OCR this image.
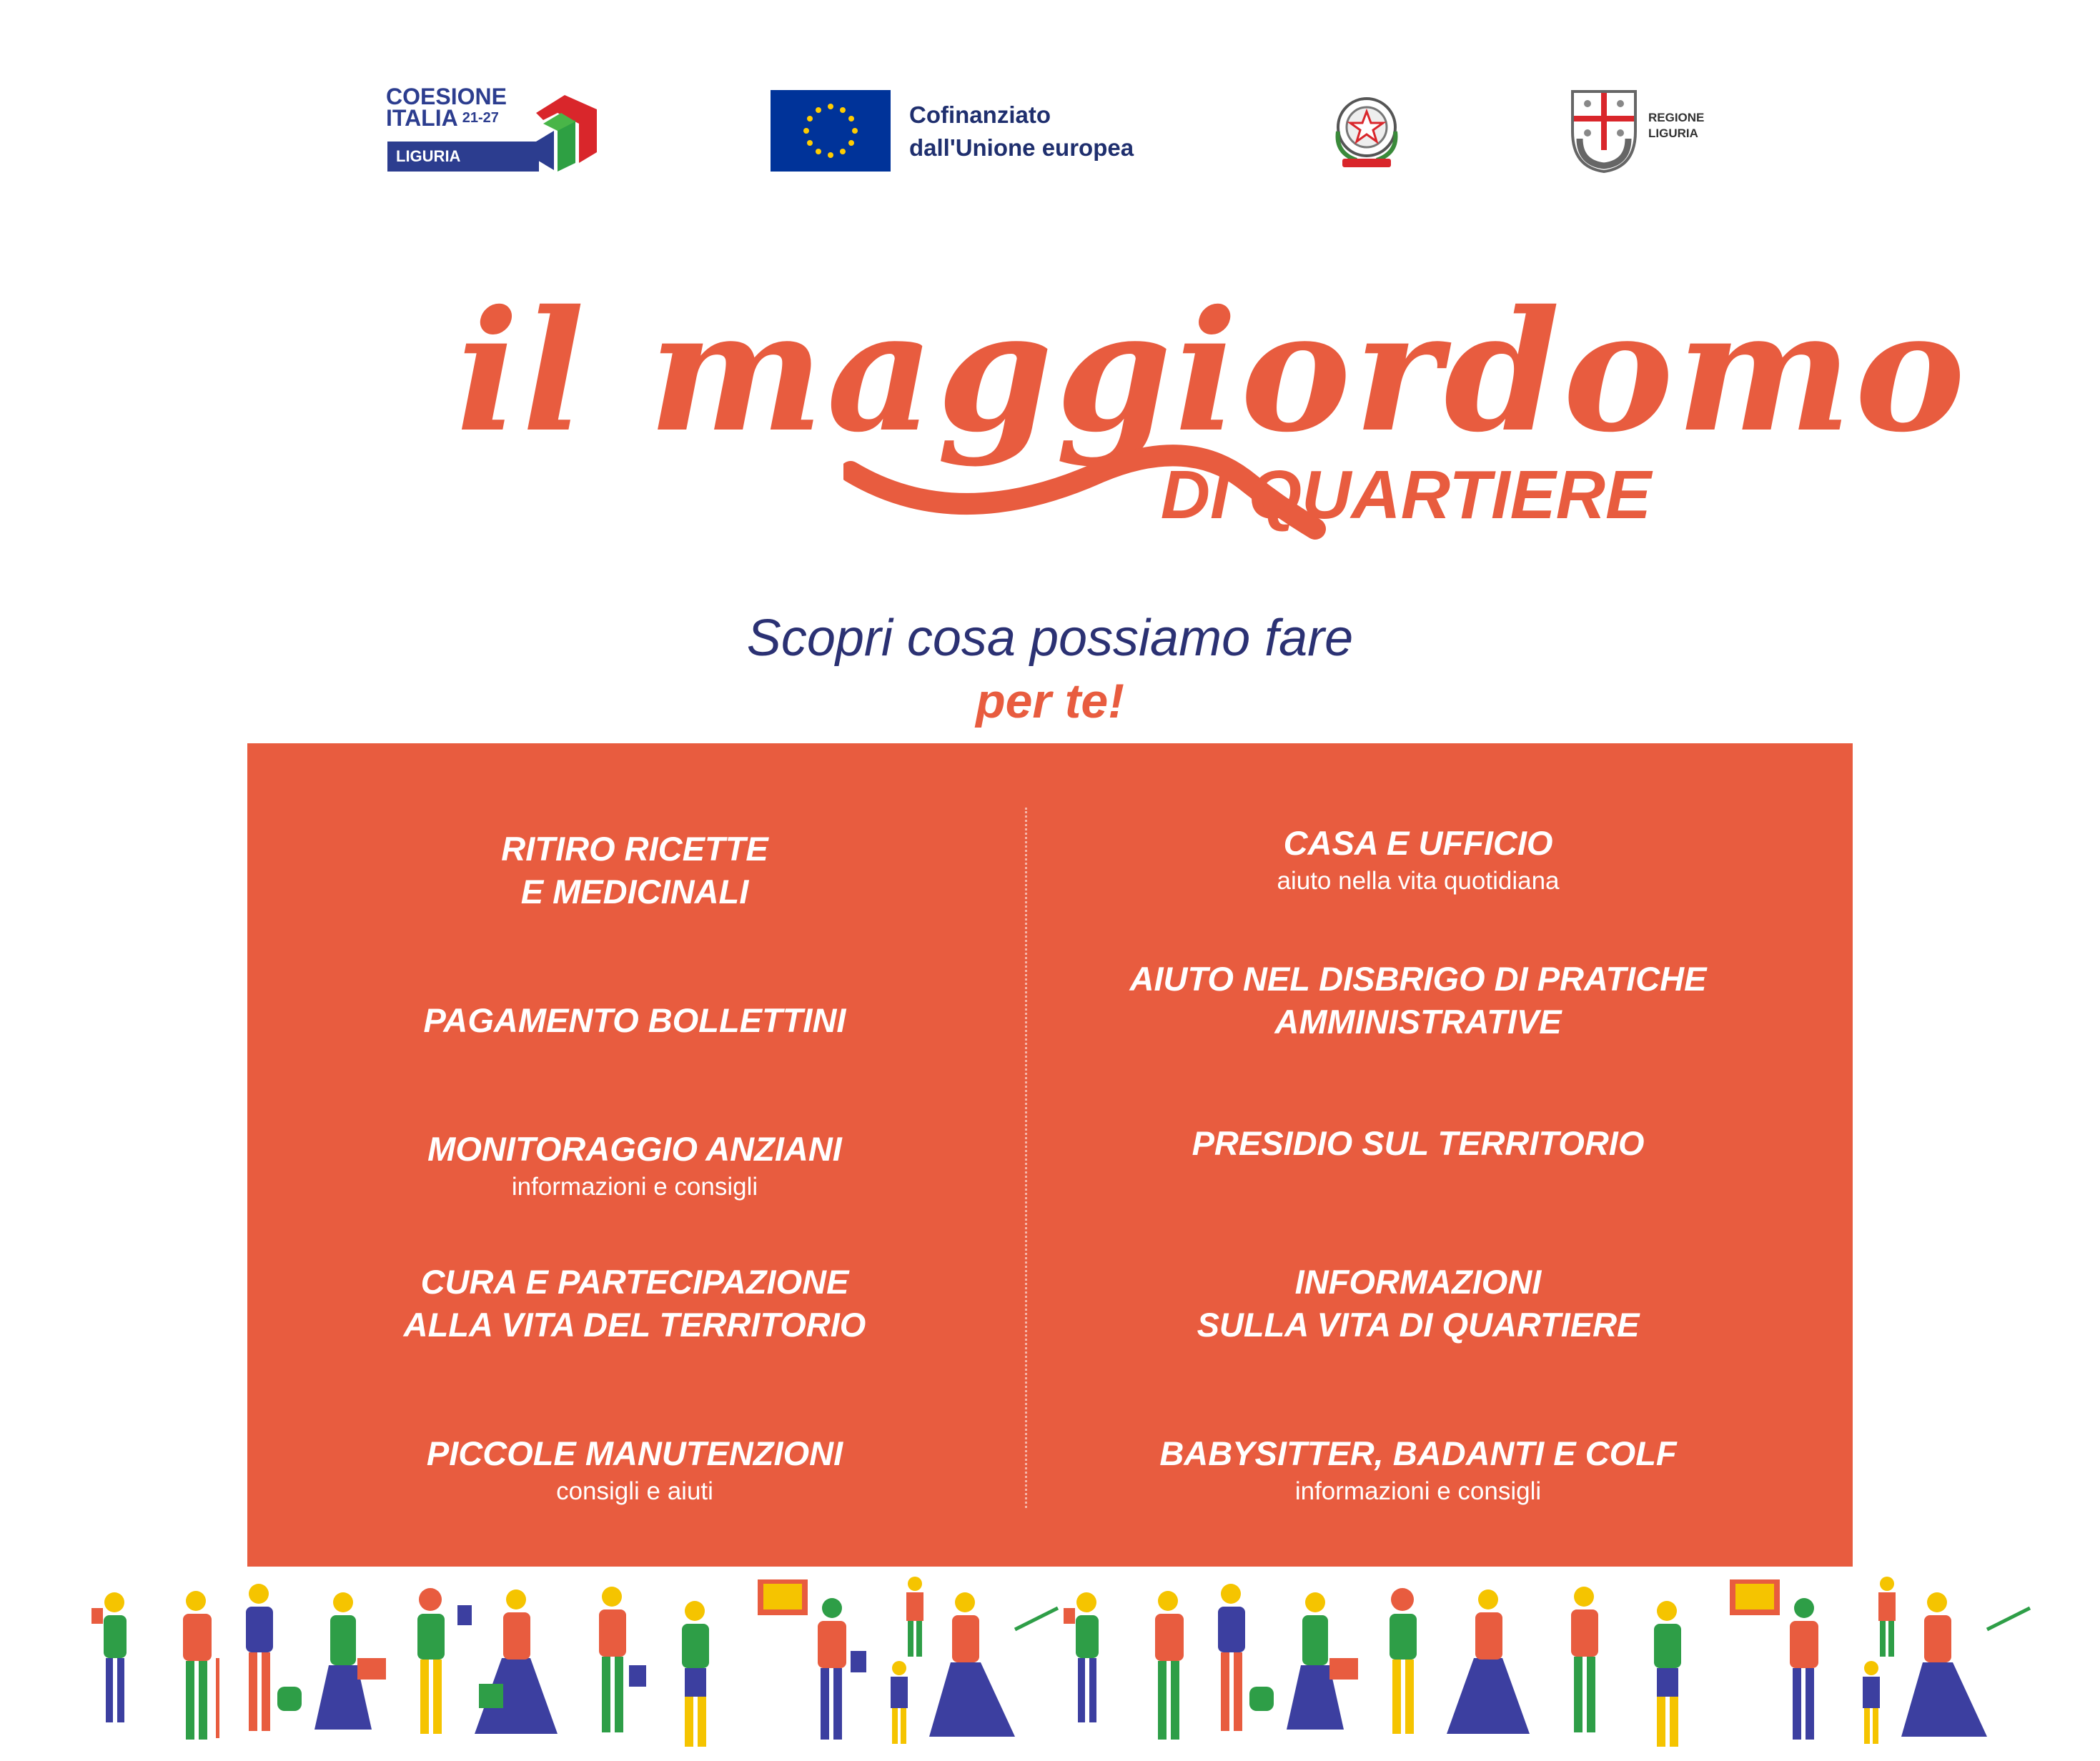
COESIONE
ITALIA $^{21-27}$
LIGURIA
Cofinanziato
dall'Unione europea
REGIONE
LIGURIA
il maggiordomo
DI QUARTIERE
Scopri cosa possiamo fare
per te!
RITIRO RICETTE
E MEDICINALI
PAGAMENTO BOLLETTINI
MONITORAGGIO ANZIANI
informazioni e consigli
CURA E PARTECIPAZIONE
ALLA VITA DEL TERRITORIO
PICCOLE MANUTENZIONI
consigli e aiuti
CASA E UFFICIO
aiuto nella vita quotidiana
AIUTO NEL DISBRIGO DI PRATICHE
AMMINISTRATIVE
PRESIDIO SUL TERRITORIO
INFORMAZIONI
SULLA VITA DI QUARTIERE
BABYSITTER, BADANTI E COLF
informazioni e consigli
